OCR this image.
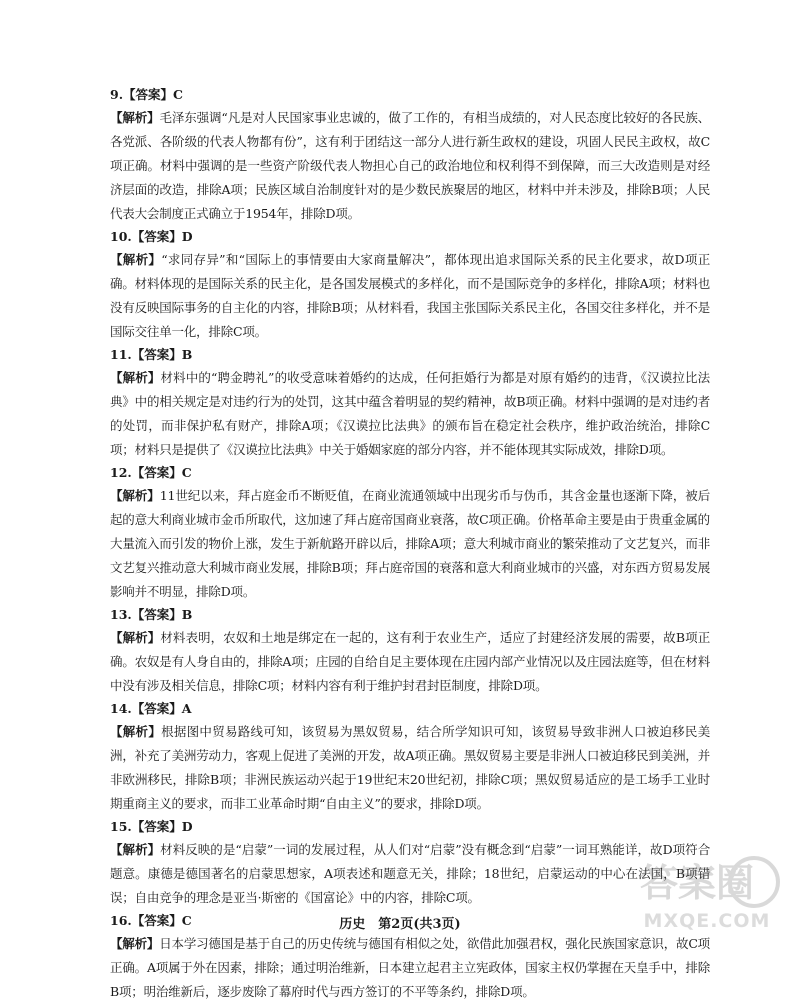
9.【答案】C

【解析】毛泽东强调“凡是对人民国家事业忠诚的，做了工作的，有相当成绩的，对人民态度比较好的各民族、各党派、各阶级的代表人物都有份”，这有利于团结这一部分人进行新生政权的建设，巩固人民民主政权，故C项正确。材料中强调的是一些资产阶级代表人物担心自己的政治地位和权利得不到保障，而三大改造则是对经济层面的改造，排除A项；民族区域自治制度针对的是少数民族聚居的地区，材料中并未涉及，排除B项；人民代表大会制度正式确立于1954年，排除D项。

10.【答案】D

【解析】“求同存异”和“国际上的事情要由大家商量解决”，都体现出追求国际关系的民主化要求，故D项正确。材料体现的是国际关系的民主化，是各国发展模式的多样化，而不是国际竞争的多样化，排除A项；材料也没有反映国际事务的自主化的内容，排除B项；从材料看，我国主张国际关系民主化，各国交往多样化，并不是国际交往单一化，排除C项。

11.【答案】B

【解析】材料中的“聘金聘礼”的收受意味着婚约的达成，任何拒婚行为都是对原有婚约的违背，《汉谟拉比法典》中的相关规定是对违约行为的处罚，这其中蕴含着明显的契约精神，故B项正确。材料中强调的是对违约者的处罚，而非保护私有财产，排除A项；《汉谟拉比法典》的颁布旨在稳定社会秩序，维护政治统治，排除C项；材料只是提供了《汉谟拉比法典》中关于婚姻家庭的部分内容，并不能体现其实际成效，排除D项。

12.【答案】C

【解析】11世纪以来，拜占庭金币不断贬值，在商业流通领域中出现劣币与伪币，其含金量也逐渐下降，被后起的意大利商业城市金币所取代，这加速了拜占庭帝国商业衰落，故C项正确。价格革命主要是由于贵重金属的大量流入而引发的物价上涨，发生于新航路开辟以后，排除A项；意大利城市商业的繁荣推动了文艺复兴，而非文艺复兴推动意大利城市商业发展，排除B项；拜占庭帝国的衰落和意大利商业城市的兴盛，对东西方贸易发展影响并不明显，排除D项。

13.【答案】B

【解析】材料表明，农奴和土地是绑定在一起的，这有利于农业生产，适应了封建经济发展的需要，故B项正确。农奴是有人身自由的，排除A项；庄园的自给自足主要体现在庄园内部产业情况以及庄园法庭等，但在材料中没有涉及相关信息，排除C项；材料内容有利于维护封君封臣制度，排除D项。

14.【答案】A

【解析】根据图中贸易路线可知，该贸易为黑奴贸易，结合所学知识可知，该贸易导致非洲人口被迫移民美洲，补充了美洲劳动力，客观上促进了美洲的开发，故A项正确。黑奴贸易主要是非洲人口被迫移民到美洲，并非欧洲移民，排除B项；非洲民族运动兴起于19世纪末20世纪初，排除C项；黑奴贸易适应的是工场手工业时期重商主义的要求，而非工业革命时期“自由主义”的要求，排除D项。

15.【答案】D

【解析】材料反映的是“启蒙”一词的发展过程，从人们对“启蒙”没有概念到“启蒙”一词耳熟能详，故D项符合题意。康德是德国著名的启蒙思想家，A项表述和题意无关，排除；18世纪，启蒙运动的中心在法国，B项错误；自由竞争的理念是亚当·斯密的《国富论》中的内容，排除C项。

16.【答案】C

【解析】日本学习德国是基于自己的历史传统与德国有相似之处，欲借此加强君权，强化民族国家意识，故C项正确。A项属于外在因素，排除；通过明治维新，日本建立起君主立宪政体，国家主权仍掌握在天皇手中，排除B项；明治维新后，逐步废除了幕府时代与西方签订的不平等条约，排除D项。

答案圈
MXQE.COM
历史　第2页(共3页)
